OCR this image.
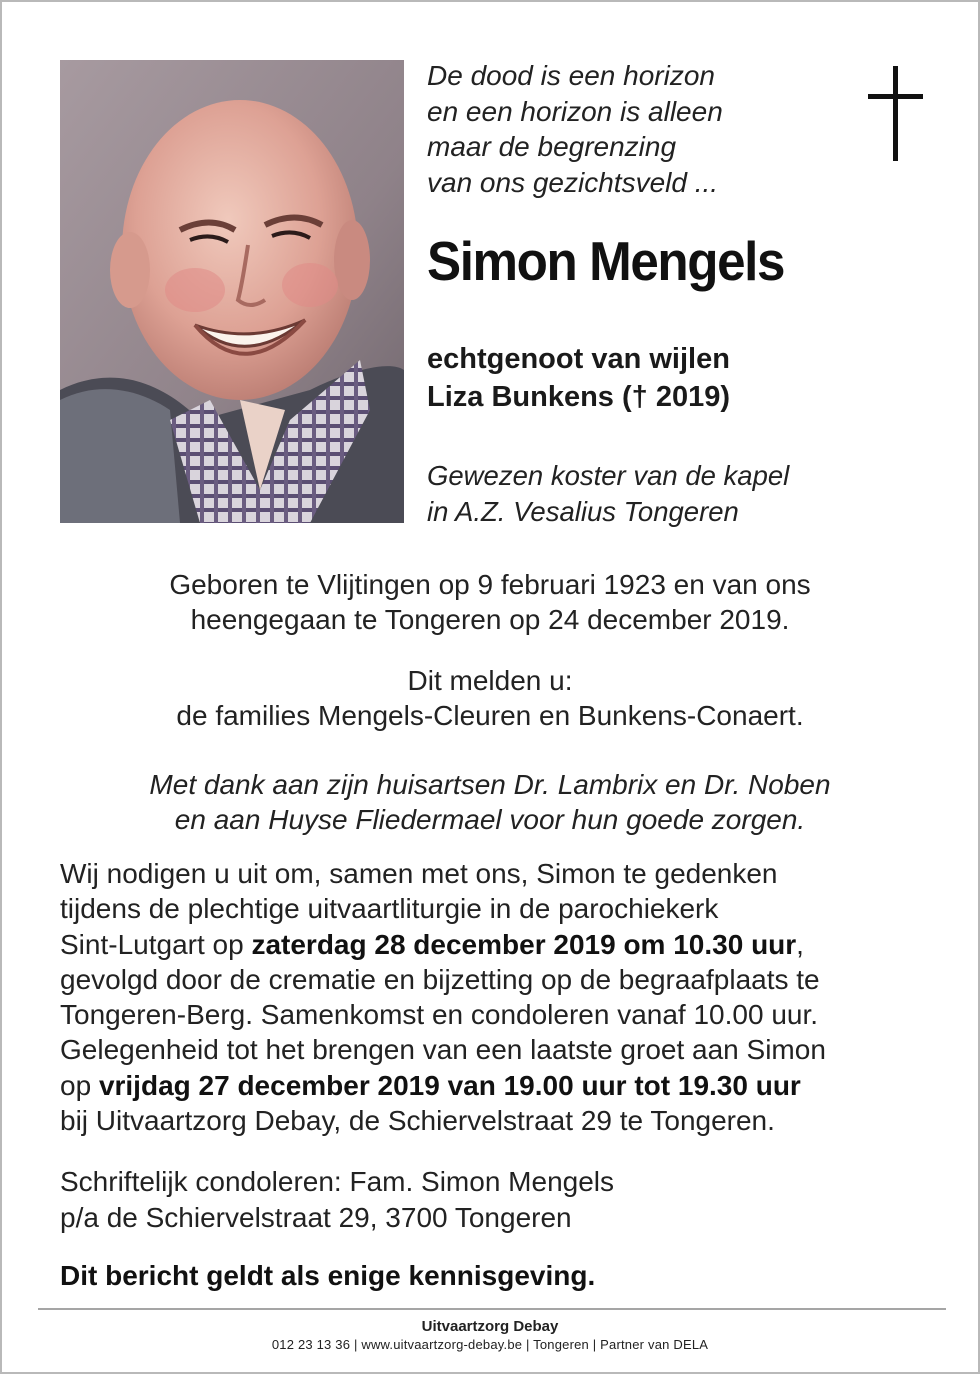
De dood is een horizon
en een horizon is alleen
maar de begrenzing
van ons gezichtsveld ...
Simon Mengels
echtgenoot van wijlen
Liza Bunkens († 2019)
Gewezen koster van de kapel
in A.Z. Vesalius Tongeren
Geboren te Vlijtingen op 9 februari 1923 en van ons
heengegaan te Tongeren op 24 december 2019.
Dit melden u:
de families Mengels-Cleuren en Bunkens-Conaert.
Met dank aan zijn huisartsen Dr. Lambrix en Dr. Noben
en aan Huyse Fliedermael voor hun goede zorgen.
Wij nodigen u uit om, samen met ons, Simon te gedenken
tijdens de plechtige uitvaartliturgie in de parochiekerk
Sint-Lutgart op zaterdag 28 december 2019 om 10.30 uur,
gevolgd door de crematie en bijzetting op de begraafplaats te
Tongeren-Berg. Samenkomst en condoleren vanaf 10.00 uur.
Gelegenheid tot het brengen van een laatste groet aan Simon
op vrijdag 27 december 2019 van 19.00 uur tot 19.30 uur
bij Uitvaartzorg Debay, de Schiervelstraat 29 te Tongeren.
Schriftelijk condoleren: Fam. Simon Mengels
p/a de Schiervelstraat 29, 3700 Tongeren
Dit bericht geldt als enige kennisgeving.
Uitvaartzorg Debay
012 23 13 36 | www.uitvaartzorg-debay.be | Tongeren | Partner van DELA
